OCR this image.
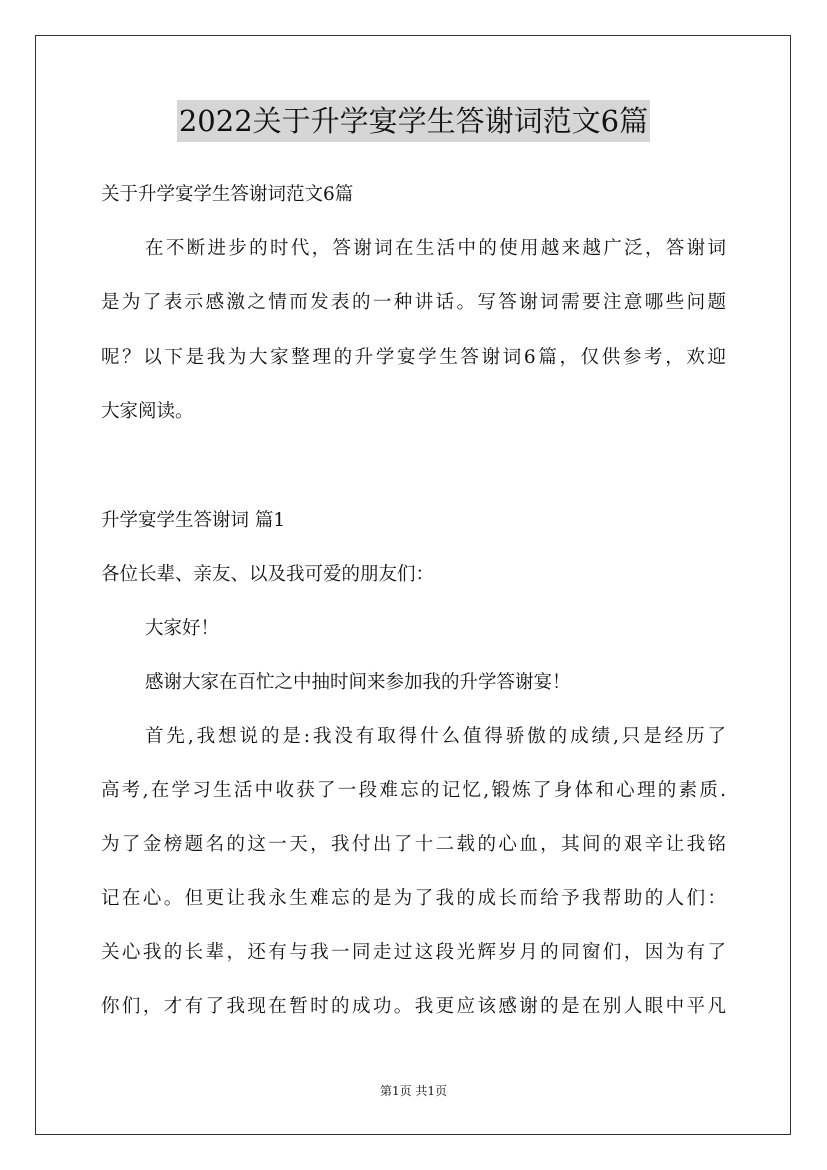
2022关于升学宴学生答谢词范文6篇
关于升学宴学生答谢词范文6篇
在不断进步的时代，答谢词在生活中的使用越来越广泛，答谢词
是为了表示感激之情而发表的一种讲话。写答谢词需要注意哪些问题
呢？以下是我为大家整理的升学宴学生答谢词6篇，仅供参考，欢迎
大家阅读。
升学宴学生答谢词 篇1
各位长辈、亲友、以及我可爱的朋友们：
大家好！
感谢大家在百忙之中抽时间来参加我的升学答谢宴！
首先,我想说的是:我没有取得什么值得骄傲的成绩,只是经历了
高考,在学习生活中收获了一段难忘的记忆,锻炼了身体和心理的素质.
为了金榜题名的这一天，我付出了十二载的心血，其间的艰辛让我铭
记在心。但更让我永生难忘的是为了我的成长而给予我帮助的人们：
关心我的长辈，还有与我一同走过这段光辉岁月的同窗们，因为有了
你们，才有了我现在暂时的成功。我更应该感谢的是在别人眼中平凡
第1页 共1页
